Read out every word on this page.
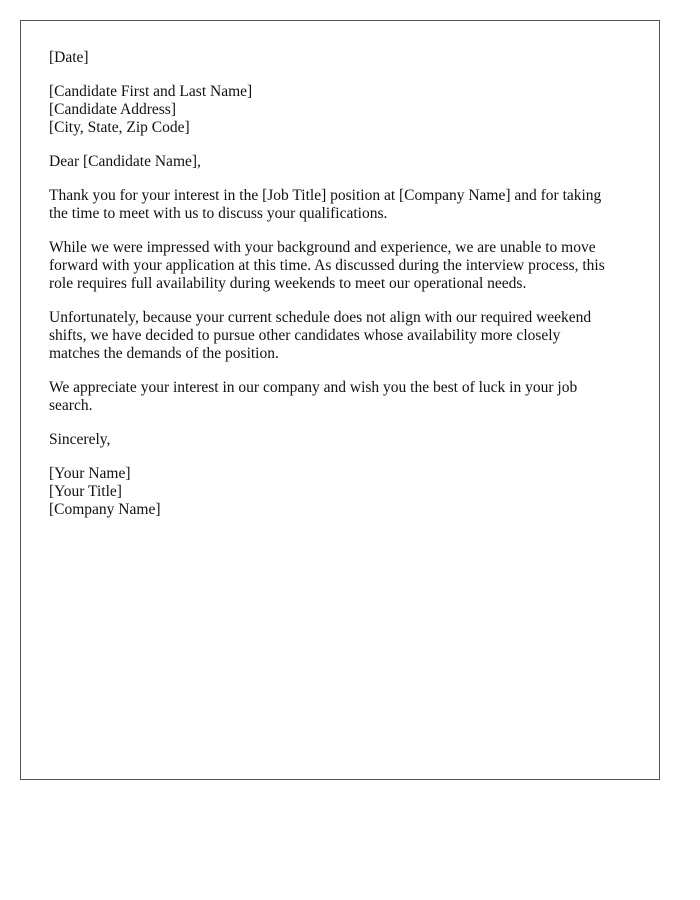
[Date]
[Candidate First and Last Name]
[Candidate Address]
[City, State, Zip Code]
Dear [Candidate Name],
Thank you for your interest in the [Job Title] position at [Company Name] and for taking
the time to meet with us to discuss your qualifications.
While we were impressed with your background and experience, we are unable to move
forward with your application at this time. As discussed during the interview process, this
role requires full availability during weekends to meet our operational needs.
Unfortunately, because your current schedule does not align with our required weekend
shifts, we have decided to pursue other candidates whose availability more closely
matches the demands of the position.
We appreciate your interest in our company and wish you the best of luck in your job
search.
Sincerely,
[Your Name]
[Your Title]
[Company Name]
